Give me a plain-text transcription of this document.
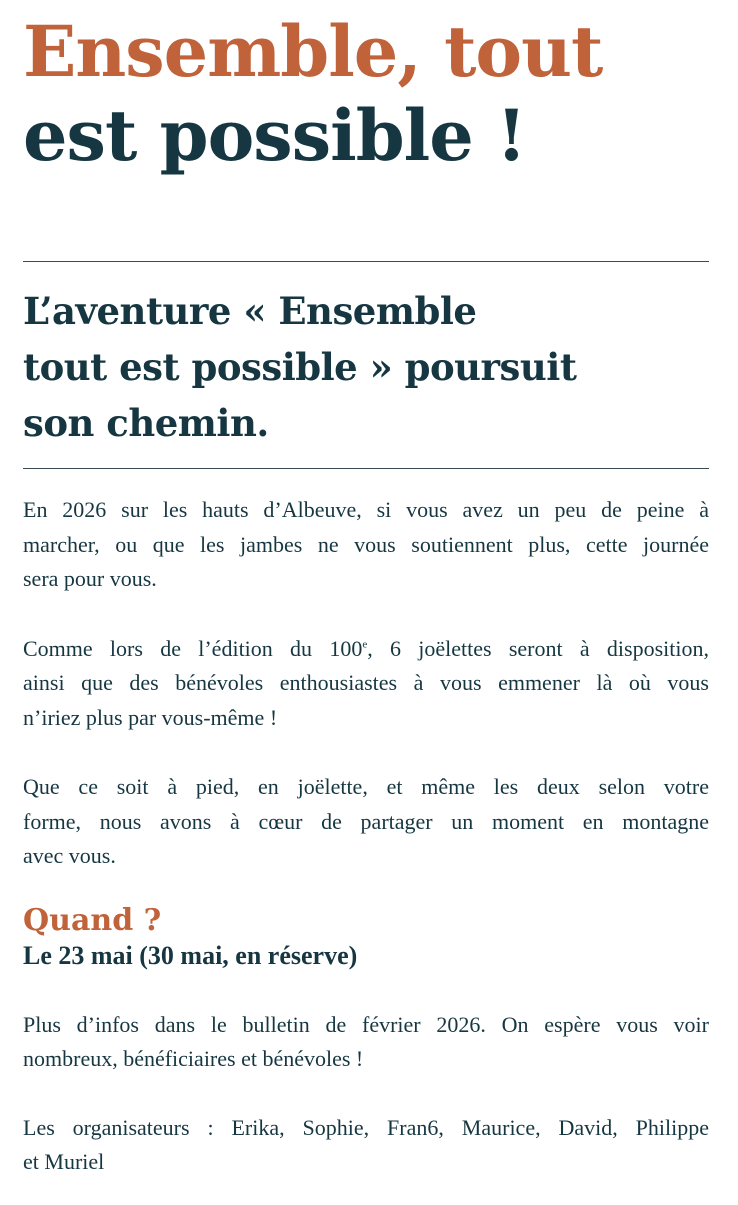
Ensemble, tout
est possible !
L’aventure « Ensemble
tout est possible » poursuit
son chemin.

En 2026 sur les hauts d’Albeuve, si vous avez un peu de peine à
marcher, ou que les jambes ne vous soutiennent plus, cette journée
sera pour vous.

Comme lors de l’édition du 100e, 6 joëlettes seront à disposition,
ainsi que des bénévoles enthousiastes à vous emmener là où vous
n’iriez plus par vous-même !

Que ce soit à pied, en joëlette, et même les deux selon votre
forme, nous avons à cœur de partager un moment en montagne
avec vous.

Quand ?

Le 23 mai (30 mai, en réserve)

Plus d’infos dans le bulletin de février 2026. On espère vous voir
nombreux, bénéficiaires et bénévoles !

Les organisateurs : Erika, Sophie, Fran6, Maurice, David, Philippe
et Muriel
